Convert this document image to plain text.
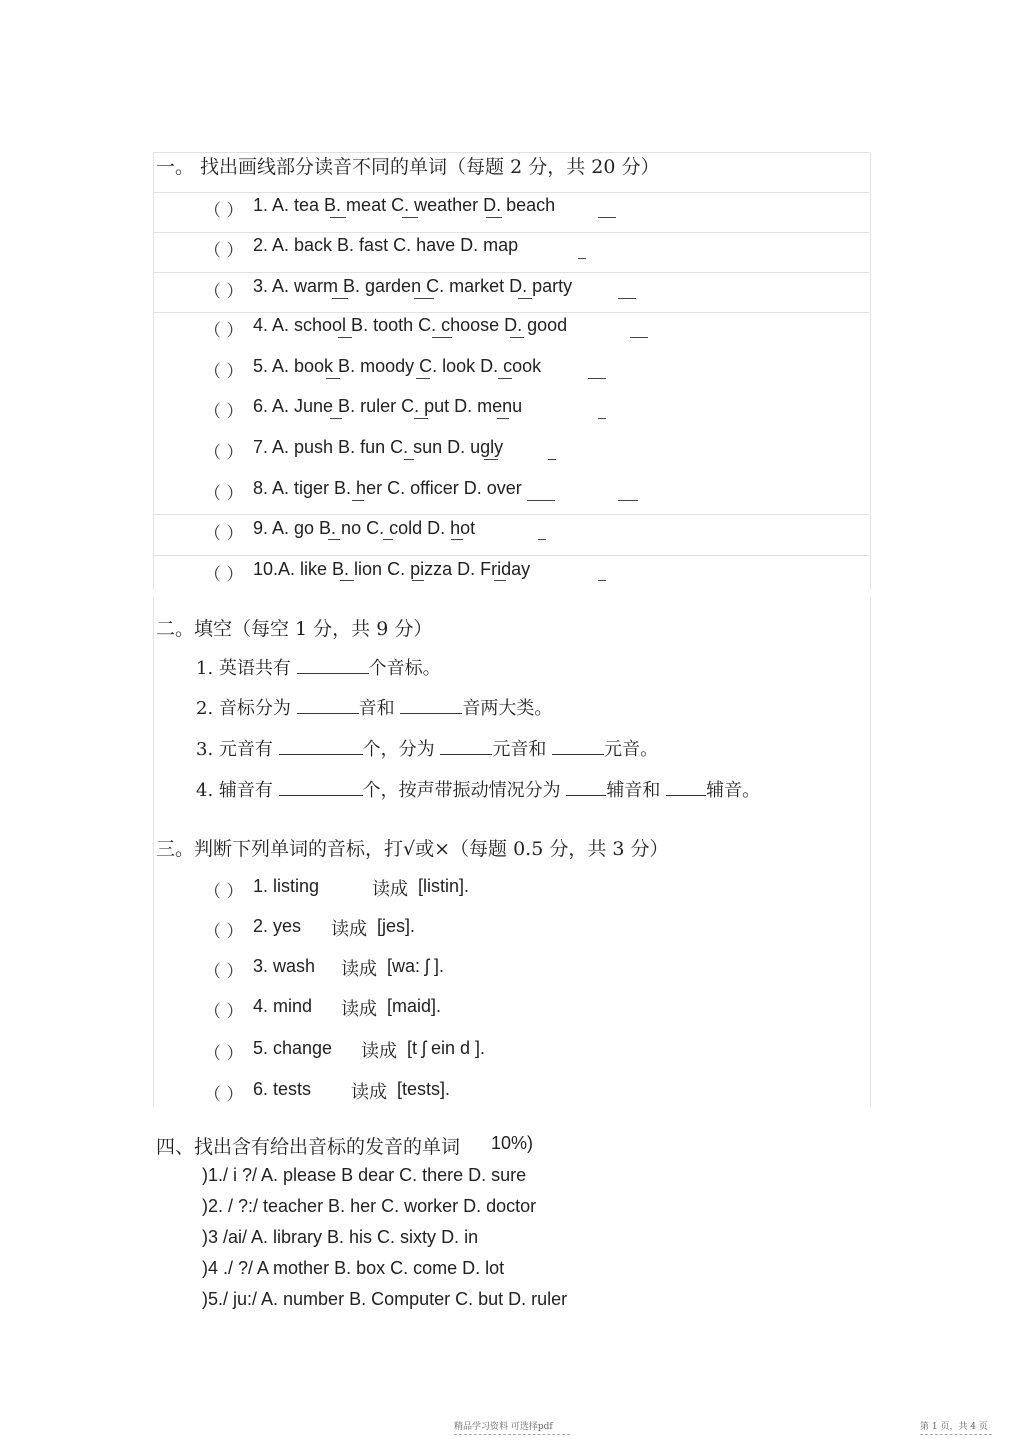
一。 找出画线部分读音不同的单词（每题 2 分，共 20 分）
（ ） 1. A. tea B. meat C. weather D. beach
（ ） 2. A. back B. fast C. have D. map
（ ） 3. A. warm B. garden C. market D. party
（ ） 4. A. school B. tooth C. choose D. good
（ ） 5. A. book B. moody C. look D. cook
（ ） 6. A. June B. ruler C. put D. menu
（ ） 7. A. push B. fun C. sun D. ugly
（ ） 8. A. tiger B. her C. officer D. over
（ ） 9. A. go B. no C. cold D. hot
（ ） 10.A. like B. lion C. pizza D. Friday
二。填空（每空 1 分，共 9 分）
1. 英语共有	个音标。
2. 音标分为	音和	音两大类。
3. 元音有	个，分为	元音和	元音。
4. 辅音有	个，按声带振动情况分为	辅音和	辅音。
三。判断下列单词的音标，打√或×（每题 0.5 分，共 3 分）
（ ） 1. listing	读成 [listin].
（ ） 2. yes 读成 [jes].
（ ） 3. wash 读成 [wa: ʃ ].
（ ） 4. mind 读成 [maid].
（ ） 5. change 读成 [t ʃ ein d ].
（ ） 6. tests 读成 [tests].
四、找出含有给出音标的发音的单词 10%)
)1./ i ?/ A. please B dear C. there D. sure
)2. / ?:/ teacher B. her C. worker D. doctor
)3 /ai/ A. library B. his C. sixty D. in
)4 ./ ?/ A mother B. box C. come D. lot
)5./ ju:/ A. number B. Computer C. but D. ruler
精品学习资料 可选择pdf	第 1 页，共 4 页
